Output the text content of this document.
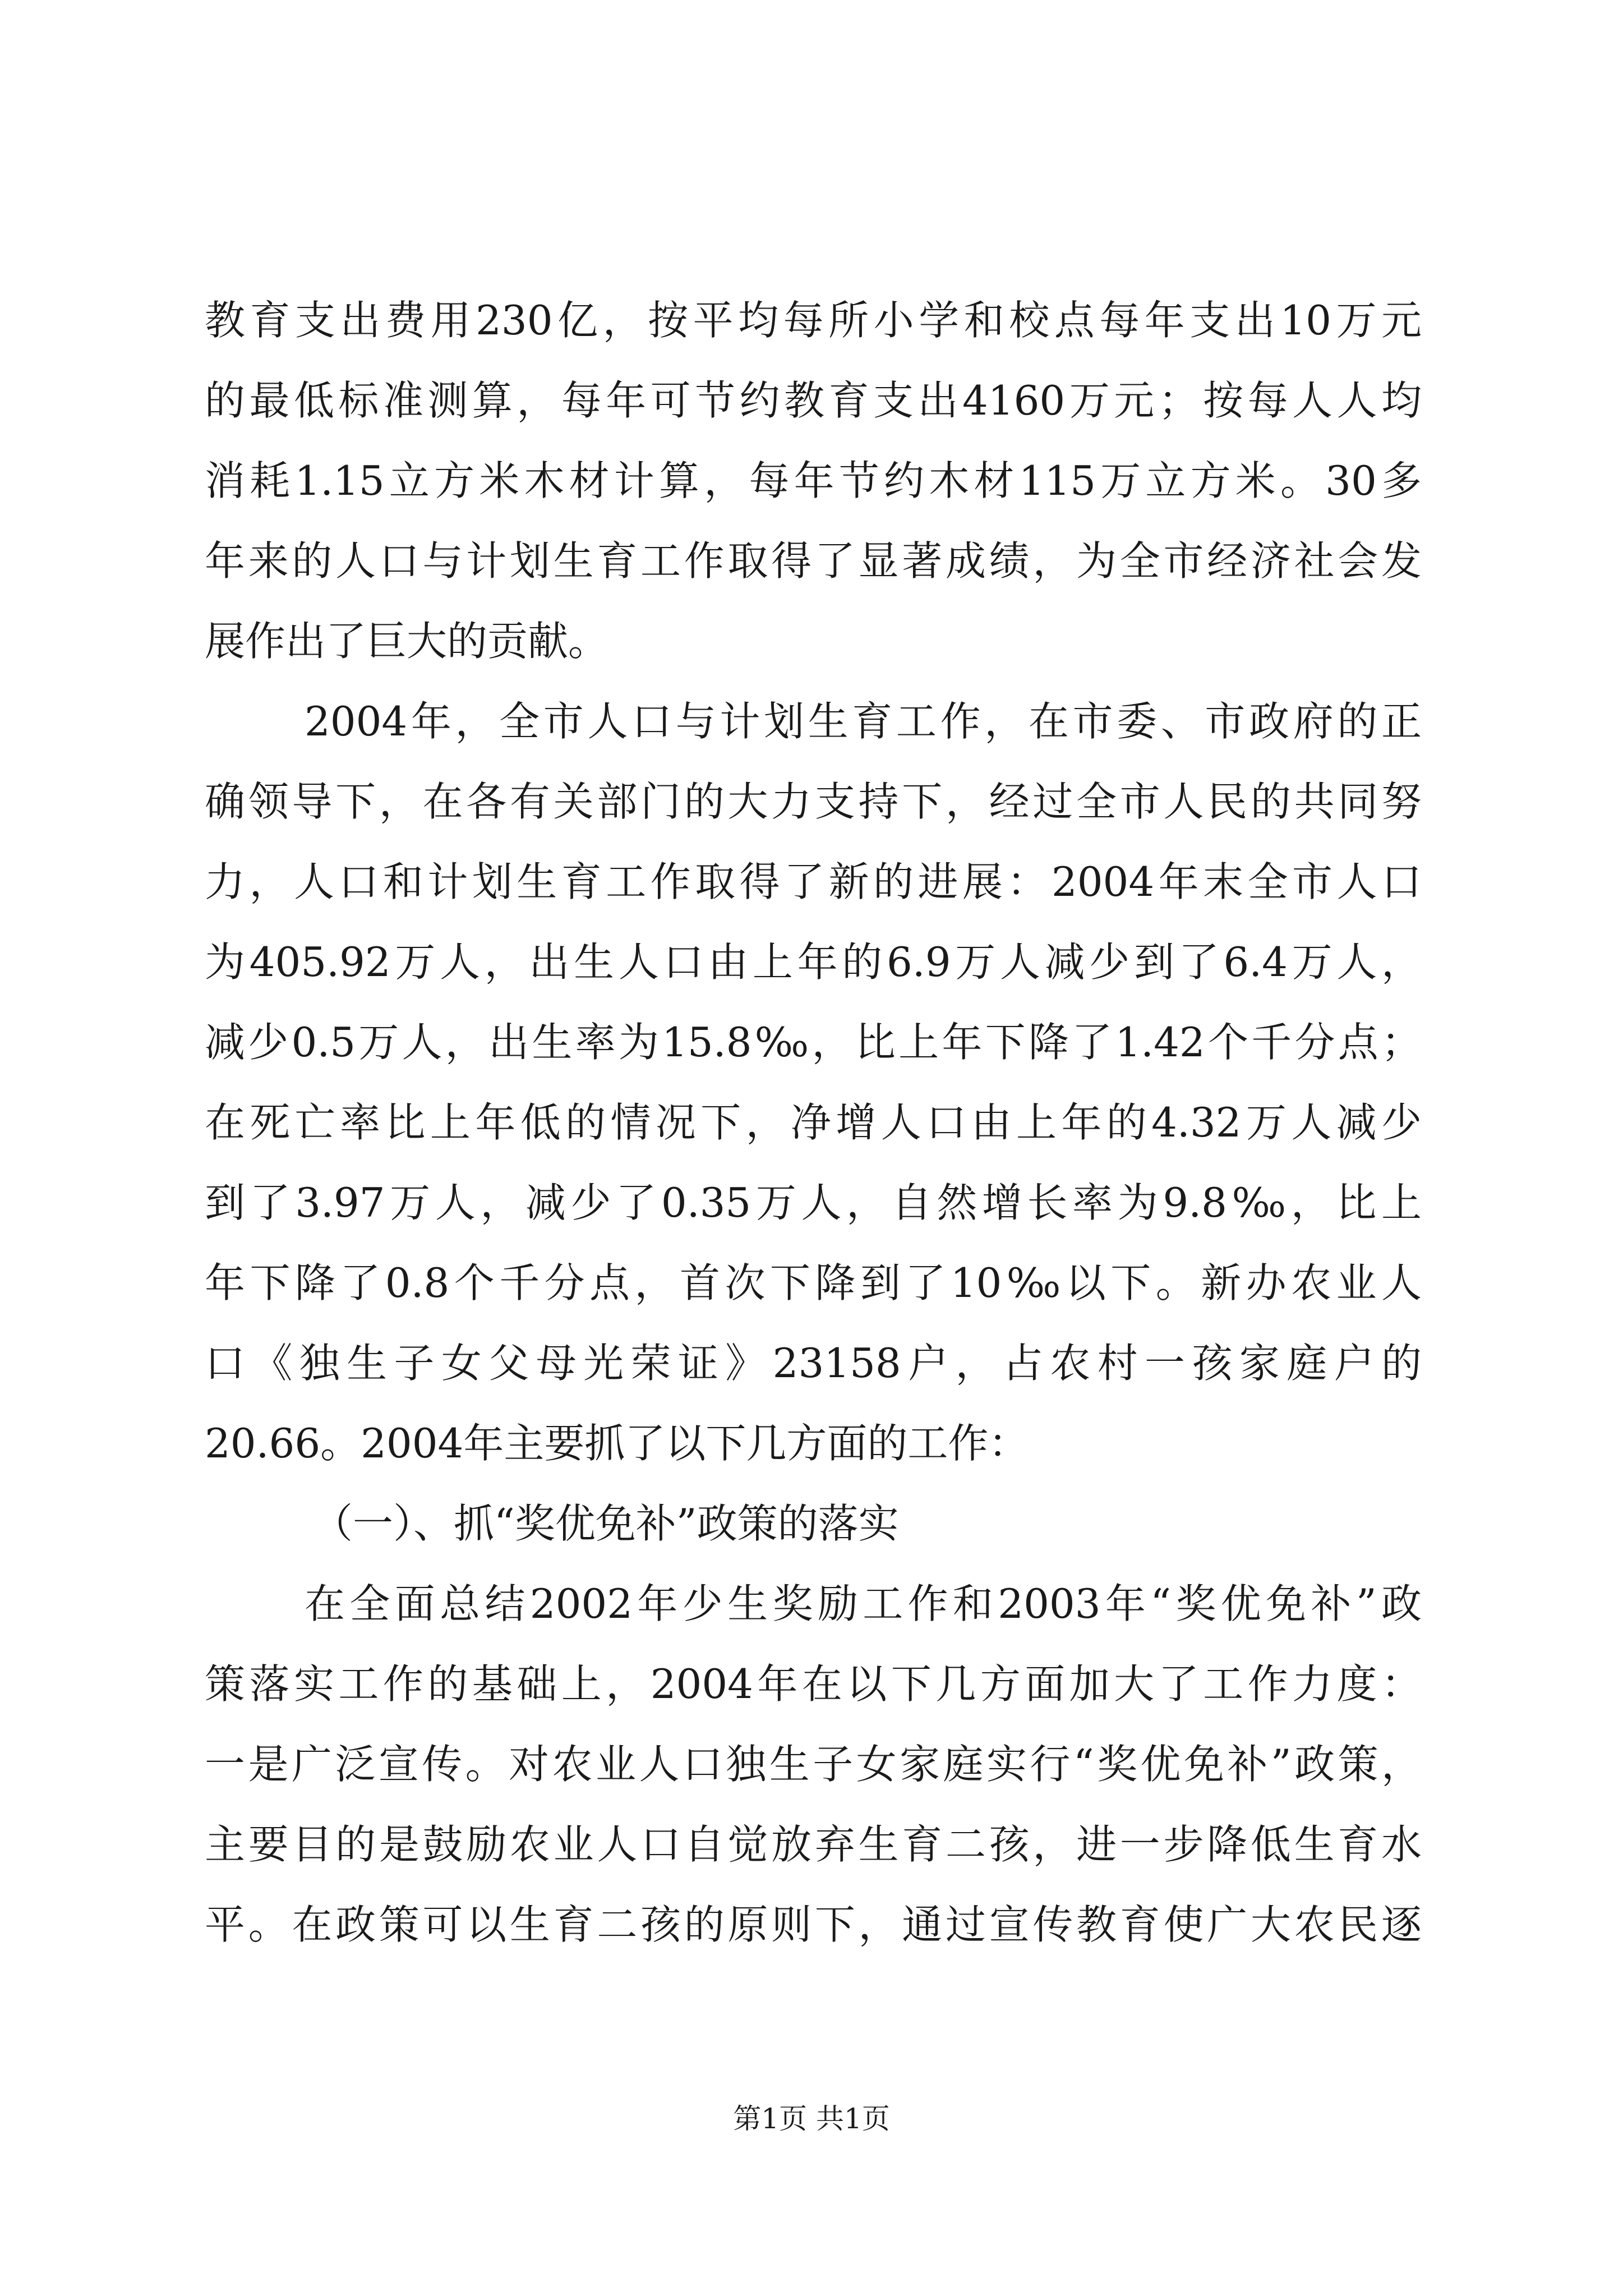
教育支出费用230亿，按平均每所小学和校点每年支出10万元
的最低标准测算，每年可节约教育支出4160万元；按每人人均
消耗1.15立方米木材计算，每年节约木材115万立方米。30多
年来的人口与计划生育工作取得了显著成绩，为全市经济社会发
展作出了巨大的贡献。
2004年，全市人口与计划生育工作，在市委、市政府的正
确领导下，在各有关部门的大力支持下，经过全市人民的共同努
力，人口和计划生育工作取得了新的进展：2004年末全市人口
为405.92万人，出生人口由上年的6.9万人减少到了6.4万人，
减少0.5万人，出生率为15.8‰，比上年下降了1.42个千分点；
在死亡率比上年低的情况下，净增人口由上年的4.32万人减少
到了3.97万人，减少了0.35万人，自然增长率为9.8‰，比上
年下降了0.8个千分点，首次下降到了10‰以下。新办农业人
口《独生子女父母光荣证》23158户，占农村一孩家庭户的
20.66。2004年主要抓了以下几方面的工作：
（一）、抓“奖优免补”政策的落实
在全面总结2002年少生奖励工作和2003年“奖优免补”政
策落实工作的基础上，2004年在以下几方面加大了工作力度：
一是广泛宣传。对农业人口独生子女家庭实行“奖优免补”政策，
主要目的是鼓励农业人口自觉放弃生育二孩，进一步降低生育水
平。在政策可以生育二孩的原则下，通过宣传教育使广大农民逐
第1页 共1页
